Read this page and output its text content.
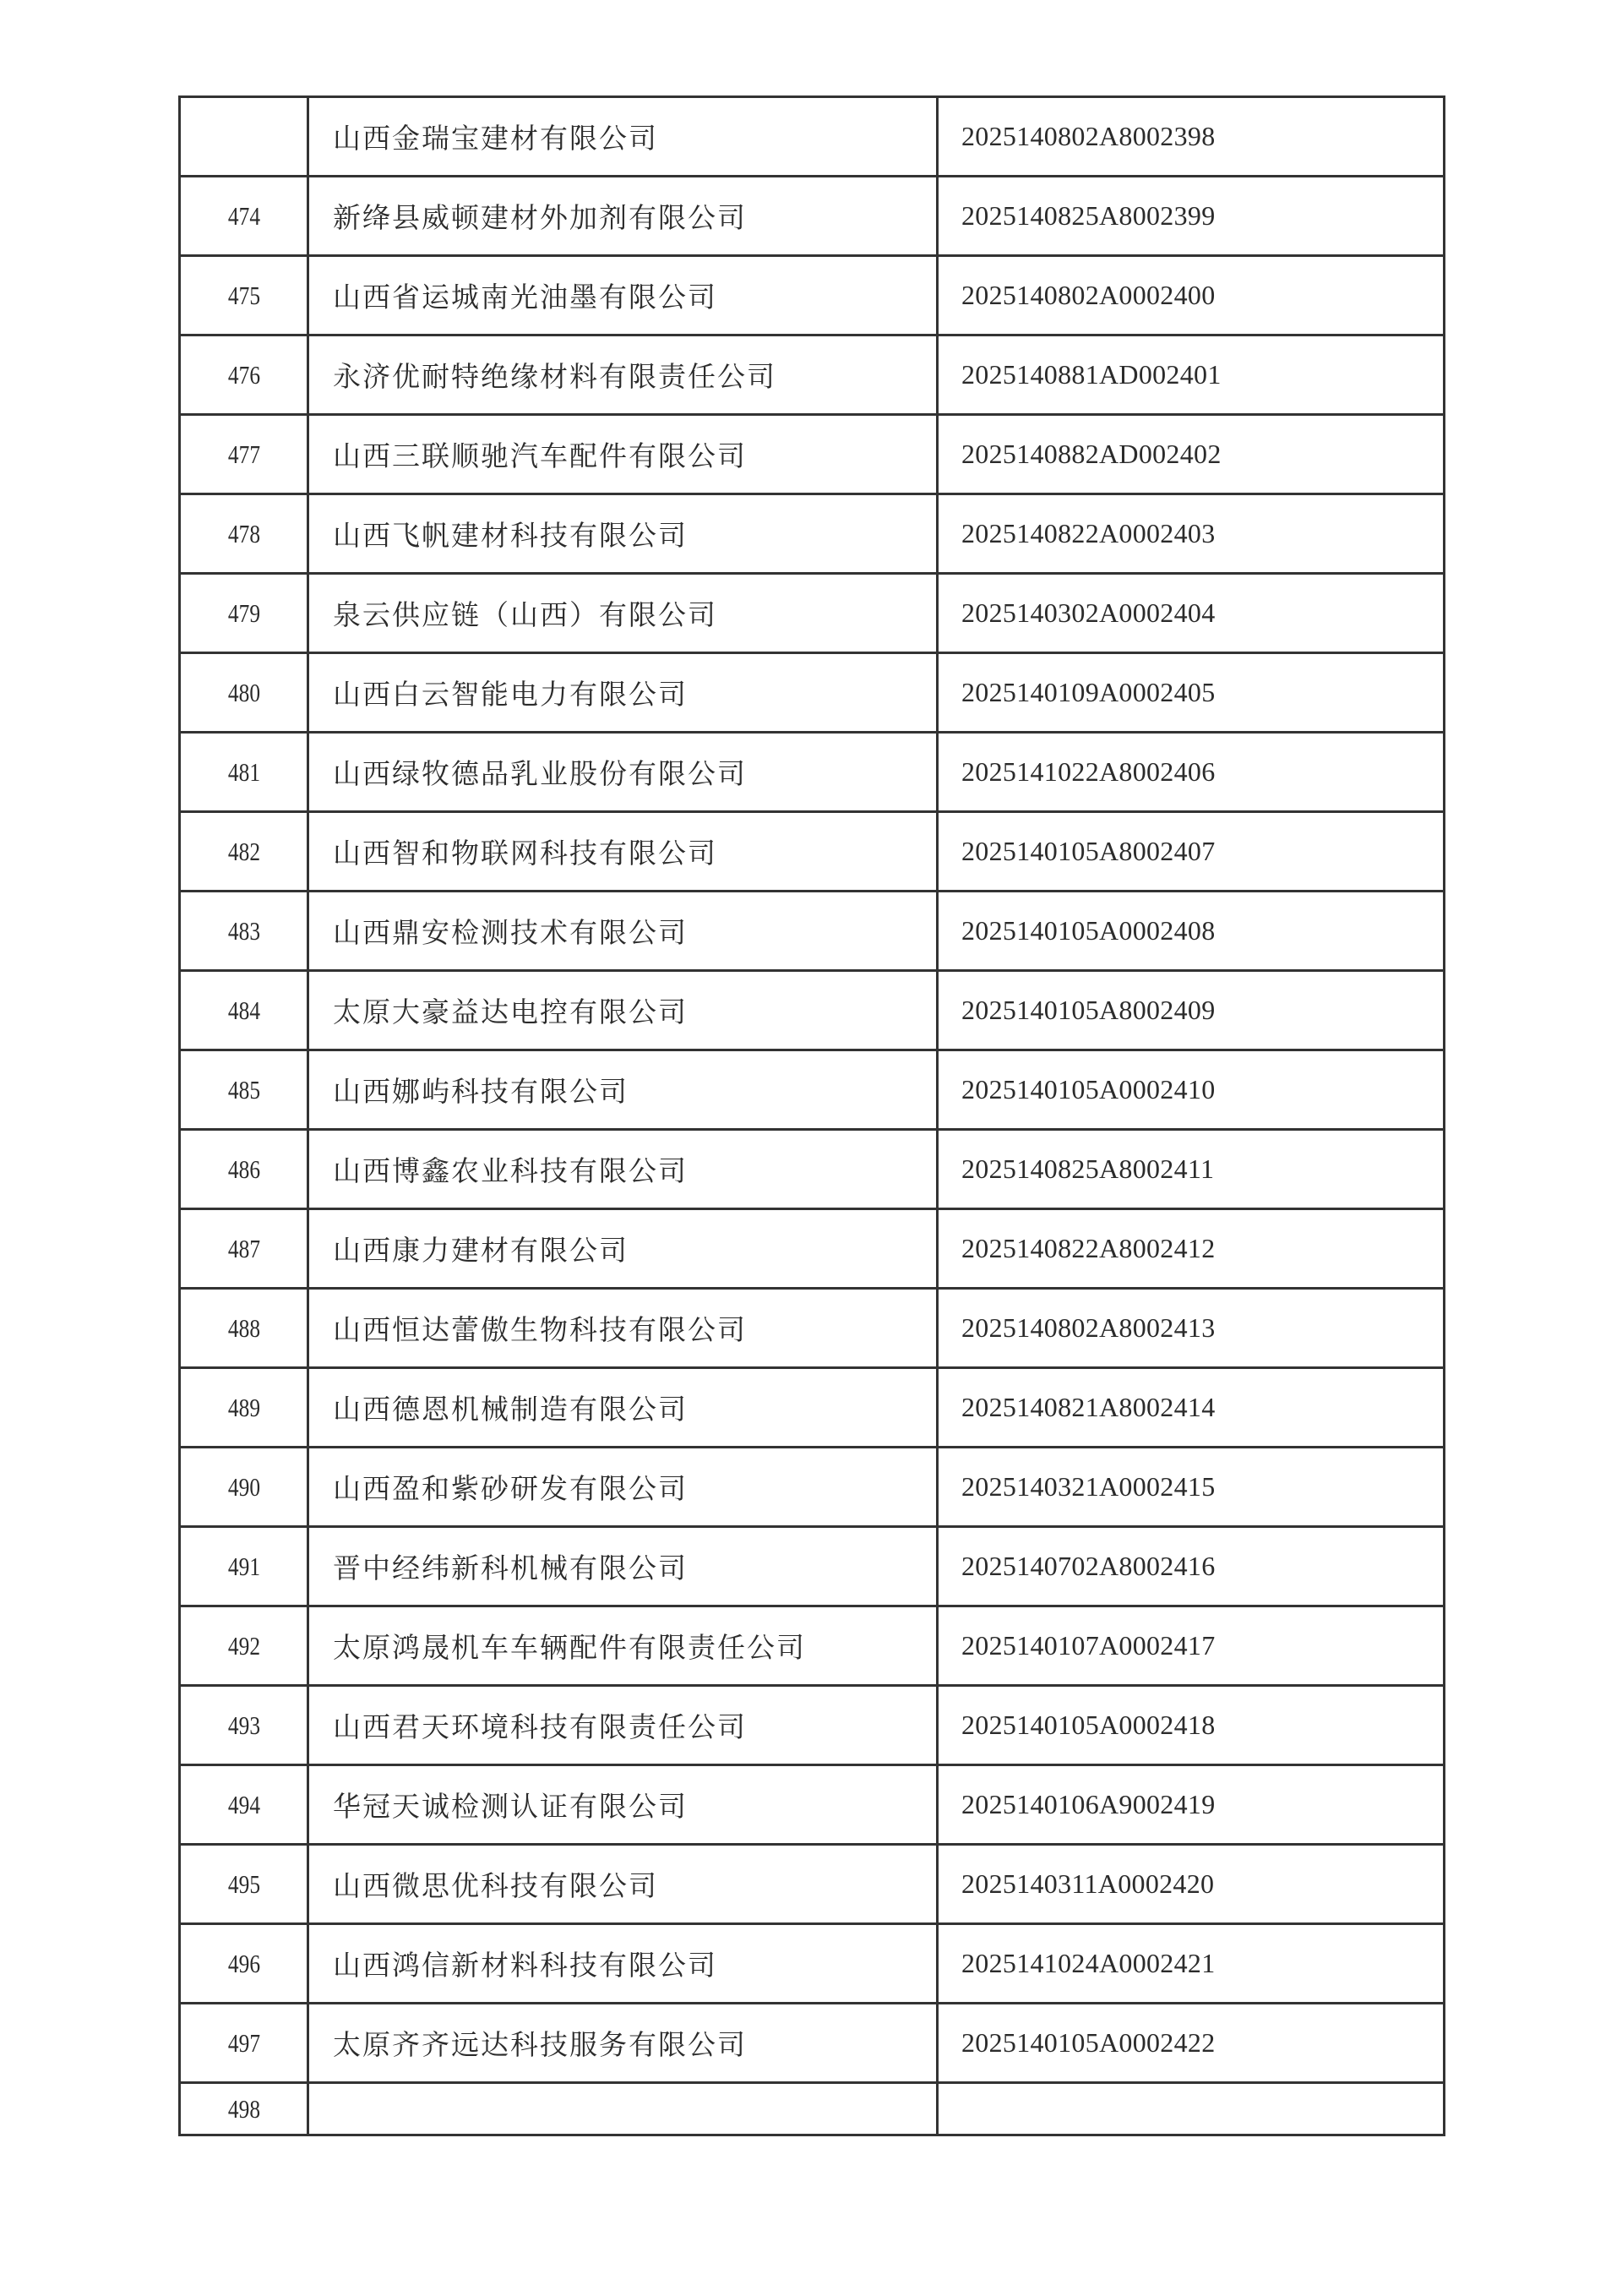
	山西金瑞宝建材有限公司	2025140802A8002398
474	新绛县威顿建材外加剂有限公司	2025140825A8002399
475	山西省运城南光油墨有限公司	2025140802A0002400
476	永济优耐特绝缘材料有限责任公司	2025140881AD002401
477	山西三联顺驰汽车配件有限公司	2025140882AD002402
478	山西飞帆建材科技有限公司	2025140822A0002403
479	泉云供应链（山西）有限公司	2025140302A0002404
480	山西白云智能电力有限公司	2025140109A0002405
481	山西绿牧德品乳业股份有限公司	2025141022A8002406
482	山西智和物联网科技有限公司	2025140105A8002407
483	山西鼎安检测技术有限公司	2025140105A0002408
484	太原大豪益达电控有限公司	2025140105A8002409
485	山西娜屿科技有限公司	2025140105A0002410
486	山西博鑫农业科技有限公司	2025140825A8002411
487	山西康力建材有限公司	2025140822A8002412
488	山西恒达蕾傲生物科技有限公司	2025140802A8002413
489	山西德恩机械制造有限公司	2025140821A8002414
490	山西盈和紫砂研发有限公司	2025140321A0002415
491	晋中经纬新科机械有限公司	2025140702A8002416
492	太原鸿晟机车车辆配件有限责任公司	2025140107A0002417
493	山西君天环境科技有限责任公司	2025140105A0002418
494	华冠天诚检测认证有限公司	2025140106A9002419
495	山西微思优科技有限公司	2025140311A0002420
496	山西鸿信新材料科技有限公司	2025141024A0002421
497	太原齐齐远达科技服务有限公司	2025140105A0002422
498		
